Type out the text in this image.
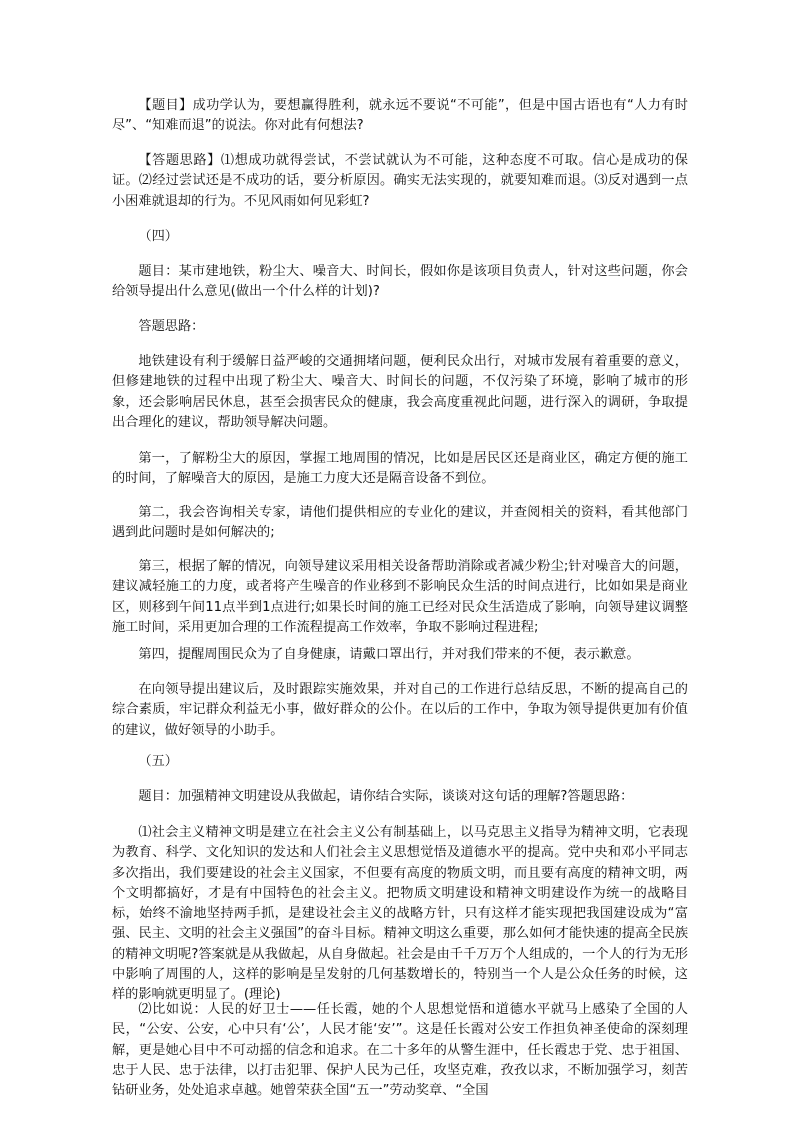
【题目】成功学认为，要想赢得胜利，就永远不要说“不可能”，但是中国古语也有“人力有时尽”、“知难而退”的说法。你对此有何想法?

【答题思路】⑴想成功就得尝试，不尝试就认为不可能，这种态度不可取。信心是成功的保证。⑵经过尝试还是不成功的话，要分析原因。确实无法实现的，就要知难而退。⑶反对遇到一点小困难就退却的行为。不见风雨如何见彩虹?

（四）

题目：某市建地铁，粉尘大、噪音大、时间长，假如你是该项目负责人，针对这些问题，你会给领导提出什么意见(做出一个什么样的计划)?

答题思路：

地铁建设有利于缓解日益严峻的交通拥堵问题，便利民众出行，对城市发展有着重要的意义，但修建地铁的过程中出现了粉尘大、噪音大、时间长的问题，不仅污染了环境，影响了城市的形象，还会影响居民休息，甚至会损害民众的健康，我会高度重视此问题，进行深入的调研，争取提出合理化的建议，帮助领导解决问题。

第一，了解粉尘大的原因，掌握工地周围的情况，比如是居民区还是商业区，确定方便的施工的时间，了解噪音大的原因，是施工力度大还是隔音设备不到位。

第二，我会咨询相关专家，请他们提供相应的专业化的建议，并查阅相关的资料，看其他部门遇到此问题时是如何解决的;

第三，根据了解的情况，向领导建议采用相关设备帮助消除或者减少粉尘;针对噪音大的问题，建议减轻施工的力度，或者将产生噪音的作业移到不影响民众生活的时间点进行，比如如果是商业区，则移到午间11点半到1点进行;如果长时间的施工已经对民众生活造成了影响，向领导建议调整施工时间，采用更加合理的工作流程提高工作效率，争取不影响过程进程;

第四，提醒周围民众为了自身健康，请戴口罩出行，并对我们带来的不便，表示歉意。

在向领导提出建议后，及时跟踪实施效果，并对自己的工作进行总结反思，不断的提高自己的综合素质，牢记群众利益无小事，做好群众的公仆。在以后的工作中，争取为领导提供更加有价值的建议，做好领导的小助手。

（五）

题目：加强精神文明建设从我做起，请你结合实际，谈谈对这句话的理解?答题思路：

⑴社会主义精神文明是建立在社会主义公有制基础上，以马克思主义指导为精神文明，它表现为教育、科学、文化知识的发达和人们社会主义思想觉悟及道德水平的提高。党中央和邓小平同志多次指出，我们要建设的社会主义国家，不但要有高度的物质文明，而且要有高度的精神文明，两个文明都搞好，才是有中国特色的社会主义。把物质文明建设和精神文明建设作为统一的战略目标，始终不渝地坚持两手抓，是建设社会主义的战略方针，只有这样才能实现把我国建设成为“富强、民主、文明的社会主义强国”的奋斗目标。精神文明这么重要，那么如何才能快速的提高全民族的精神文明呢?答案就是从我做起，从自身做起。社会是由千千万万个人组成的，一个人的行为无形中影响了周围的人，这样的影响是呈发射的几何基数增长的，特别当一个人是公众任务的时候，这样的影响就更明显了。(理论)

⑵比如说：人民的好卫士——任长霞，她的个人思想觉悟和道德水平就马上感染了全国的人民，“公安、公安，心中只有‘公’，人民才能‘安’”。这是任长霞对公安工作担负神圣使命的深刻理解，更是她心目中不可动摇的信念和追求。在二十多年的从警生涯中，任长霞忠于党、忠于祖国、忠于人民、忠于法律，以打击犯罪、保护人民为己任，攻坚克难，孜孜以求，不断加强学习，刻苦钻研业务，处处追求卓越。她曾荣获全国“五一”劳动奖章、“全国
